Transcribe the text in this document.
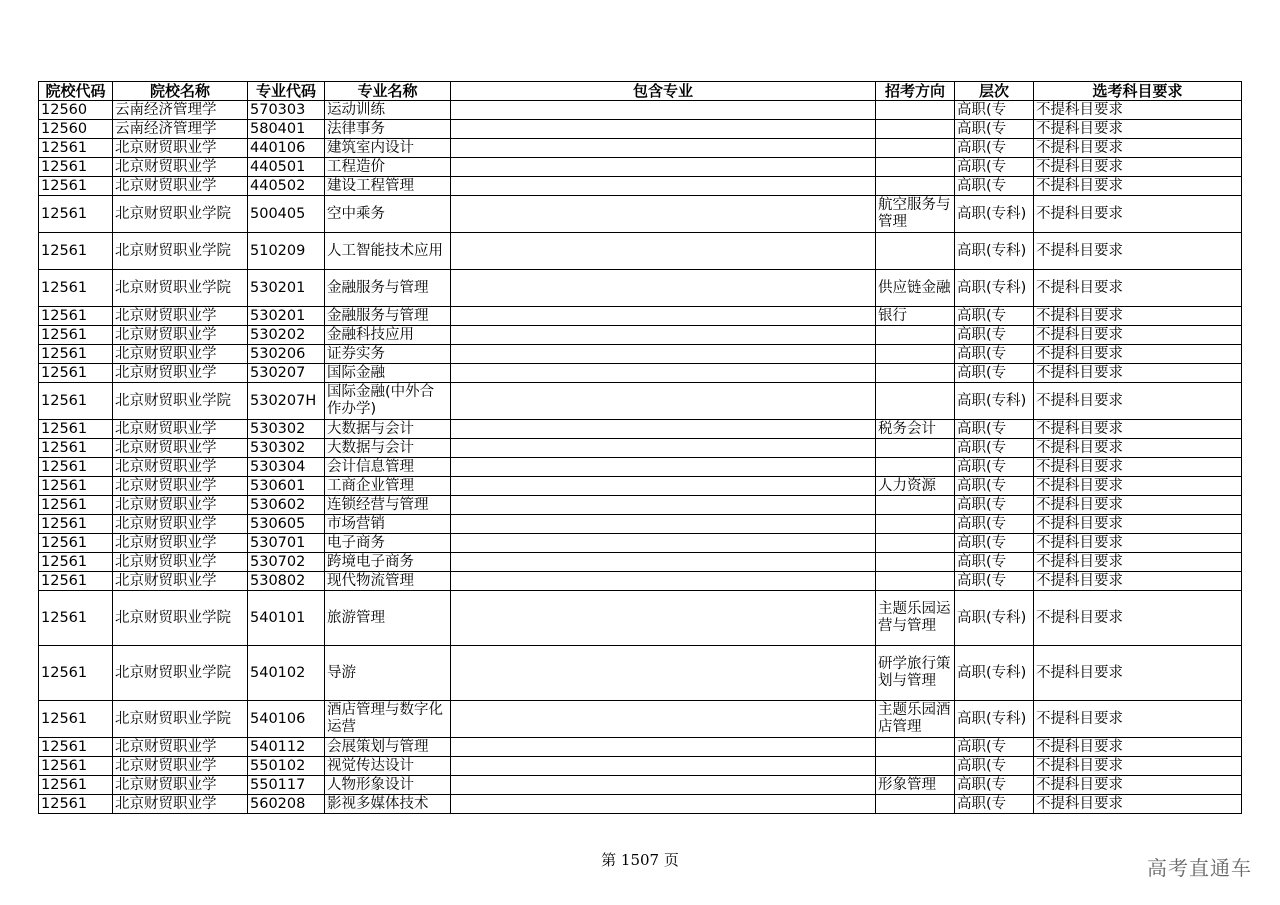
院校代码	院校名称	专业代码	专业名称	包含专业	招考方向	层次	选考科目要求
12560	云南经济管理学	570303	运动训练			高职(专	不提科目要求
12560	云南经济管理学	580401	法律事务			高职(专	不提科目要求
12561	北京财贸职业学	440106	建筑室内设计			高职(专	不提科目要求
12561	北京财贸职业学	440501	工程造价			高职(专	不提科目要求
12561	北京财贸职业学	440502	建设工程管理			高职(专	不提科目要求
12561	北京财贸职业学院	500405	空中乘务		航空服务与管理	高职(专科)	不提科目要求
12561	北京财贸职业学院	510209	人工智能技术应用			高职(专科)	不提科目要求
12561	北京财贸职业学院	530201	金融服务与管理		供应链金融	高职(专科)	不提科目要求
12561	北京财贸职业学	530201	金融服务与管理		银行	高职(专	不提科目要求
12561	北京财贸职业学	530202	金融科技应用			高职(专	不提科目要求
12561	北京财贸职业学	530206	证券实务			高职(专	不提科目要求
12561	北京财贸职业学	530207	国际金融			高职(专	不提科目要求
12561	北京财贸职业学院	530207H	国际金融(中外合作办学)			高职(专科)	不提科目要求
12561	北京财贸职业学	530302	大数据与会计		税务会计	高职(专	不提科目要求
12561	北京财贸职业学	530302	大数据与会计			高职(专	不提科目要求
12561	北京财贸职业学	530304	会计信息管理			高职(专	不提科目要求
12561	北京财贸职业学	530601	工商企业管理		人力资源	高职(专	不提科目要求
12561	北京财贸职业学	530602	连锁经营与管理			高职(专	不提科目要求
12561	北京财贸职业学	530605	市场营销			高职(专	不提科目要求
12561	北京财贸职业学	530701	电子商务			高职(专	不提科目要求
12561	北京财贸职业学	530702	跨境电子商务			高职(专	不提科目要求
12561	北京财贸职业学	530802	现代物流管理			高职(专	不提科目要求
12561	北京财贸职业学院	540101	旅游管理		主题乐园运营与管理	高职(专科)	不提科目要求
12561	北京财贸职业学院	540102	导游		研学旅行策划与管理	高职(专科)	不提科目要求
12561	北京财贸职业学院	540106	酒店管理与数字化运营		主题乐园酒店管理	高职(专科)	不提科目要求
12561	北京财贸职业学	540112	会展策划与管理			高职(专	不提科目要求
12561	北京财贸职业学	550102	视觉传达设计			高职(专	不提科目要求
12561	北京财贸职业学	550117	人物形象设计		形象管理	高职(专	不提科目要求
12561	北京财贸职业学	560208	影视多媒体技术			高职(专	不提科目要求
第 1507 页	高考直通车
